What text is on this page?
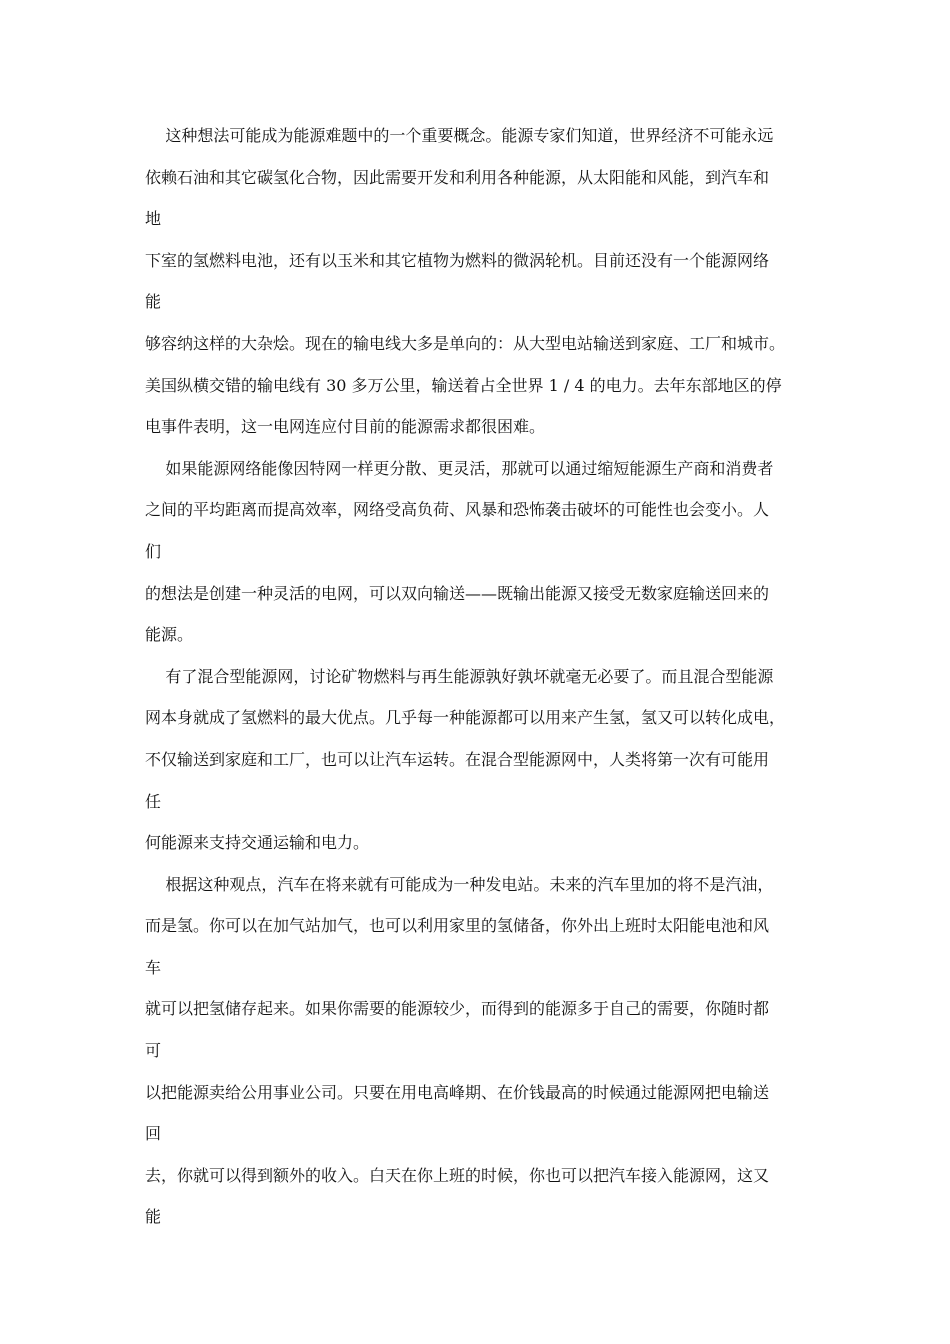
这种想法可能成为能源难题中的一个重要概念。能源专家们知道，世界经济不可能永远
依赖石油和其它碳氢化合物，因此需要开发和利用各种能源，从太阳能和风能，到汽车和
地
下室的氢燃料电池，还有以玉米和其它植物为燃料的微涡轮机。目前还没有一个能源网络
能
够容纳这样的大杂烩。现在的输电线大多是单向的：从大型电站输送到家庭、工厂和城市。
美国纵横交错的输电线有 30 多万公里，输送着占全世界 1 / 4 的电力。去年东部地区的停
电事件表明，这一电网连应付目前的能源需求都很困难。
如果能源网络能像因特网一样更分散、更灵活，那就可以通过缩短能源生产商和消费者
之间的平均距离而提高效率，网络受高负荷、风暴和恐怖袭击破坏的可能性也会变小。人
们
的想法是创建一种灵活的电网，可以双向输送——既输出能源又接受无数家庭输送回来的
能源。
有了混合型能源网，讨论矿物燃料与再生能源孰好孰坏就毫无必要了。而且混合型能源
网本身就成了氢燃料的最大优点。几乎每一种能源都可以用来产生氢，氢又可以转化成电，
不仅输送到家庭和工厂，也可以让汽车运转。在混合型能源网中，人类将第一次有可能用
任
何能源来支持交通运输和电力。
根据这种观点，汽车在将来就有可能成为一种发电站。未来的汽车里加的将不是汽油，
而是氢。你可以在加气站加气，也可以利用家里的氢储备，你外出上班时太阳能电池和风
车
就可以把氢储存起来。如果你需要的能源较少，而得到的能源多于自己的需要，你随时都
可
以把能源卖给公用事业公司。只要在用电高峰期、在价钱最高的时候通过能源网把电输送
回
去，你就可以得到额外的收入。白天在你上班的时候，你也可以把汽车接入能源网，这又
能
